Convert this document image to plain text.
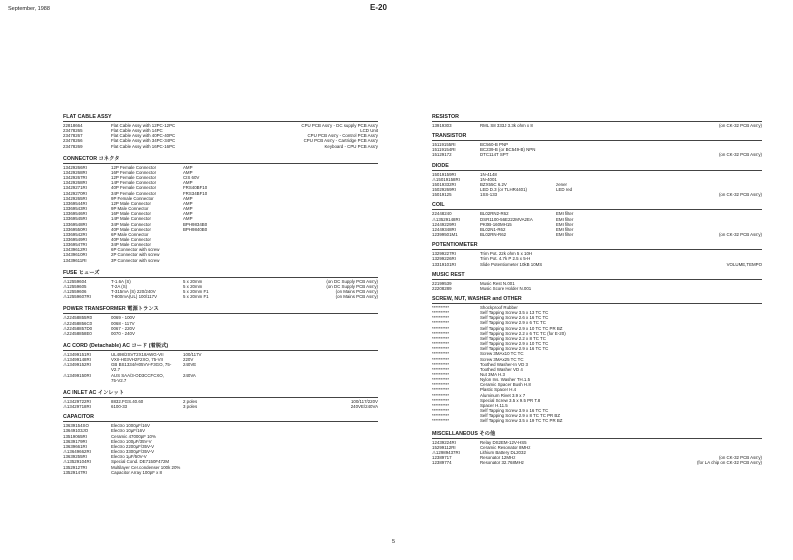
September, 1988	E-20
FLAT CABLE ASSY
22818664	Flat Cable Assy with 12PC-12PC	CPU PCB Ass'y - DC supply PCB Ass'y
23478265	Flat Cable Assy with 14PC	LCD Unit
23478267	Flat Cable Assy with 40PC-40PC	CPU PCB Ass'y - Control PCB Ass'y
23478266	Flat Cable Assy with 34PC-34PC	CPU PCB Ass'y - Cartridge PCB Ass'y
23478269	Flat Cable Assy with 16PC-16PC	Keyboard - CPU PCB Ass'y
CONNECTOR コネクタ
13429266RI	12P Female Connector	AMP
13429268RI	16P Female Connector	AMP
13429267RI	12P Female Connector	CIS 60V
13429268RI	14P Female Connector	AMP
13429271RI	40P Female Connector	FRS40BF10
13429270RI	34P Female Connector	FRS34BF10
13429265RI	9P Female Connector	AMP
13369544RI	12P Male Connector	AMP
13369543RI	9P Male Connector	AMP
13369546RI	16P Male Connector	AMP
13369545RI	14P Male Connector	AMP
13369548RI	34P Male Connector	BPH9834B0
13369550RI	40P Male Connector	BPH9840B0
13369542RI	6P Male Connector
13369549RI	40P Male Connector
13369547RI	34P Male Connector
13439612RI	6P Connector with screw
13439610RI	2P Connector with screw
13439611RI	3P Connector with screw
FUSE ヒューズ
⚠12559604	T-1.6A (S)	5 x 20mm	(on DC Supply PCB Ass'y)
⚠12559605	T-2A (S)	5 x 20mm	(on DC Supply PCB Ass'y)
⚠12559606	T-315mA (S) 220/240V	5 x 20mm F1	(on Mains PCB Ass'y)
⚠12559607RI	T-800mA(UL) 100/117V	5 x 20mm F1	(on Mains PCB Ass'y)
POWER TRANSFORMER 電源トランス
⚠22458855R0	0069 - 100V
⚠22458856C0	0068 - 117V
⚠22458857D0	0067 - 220V
⚠22458858E0	0070 - 240V
AC CORD (Detachable) AC コード (着脱式)
⚠13499151RI	UL498/2SVT2X18AWG-VII	100/117V
⚠13499148RI	VXII-H03VH2F2XO, 75-VII	220V
⚠13499152RI	GB BS1334/H05VV-F3GO, 75-	240VE
V2.7
⚠13499150RI	AUS SAA/3-OD3CCFCXO,	240VA
75-V2.7
AC INLET AC インレット
⚠13429722RI	8832.FGS.40.60	2 poles	100/117/220V
⚠13429718RI	6100-33	3 poles	240VE/240VA
CAPACITOR
13639154SO	Electro 1000μF/16V
13649103JO	Electro 10μF/16V
13519065RI	Ceramic 47000pF 10%
13639179RI	Electro 100μF/35V-V
13639661RI	Electro 2200μF/35V-V
⚠13649662RI	Electro 3300μF/35V-V
13639255RI	Electro 1μF/50V-V
⚠13529104RI	Special Cond. DE7150F472M
13529127RI	Multilayer Cer.condenser 100k 20%
13529147RI	Capacitor Array 100pF x 8
RESISTOR
13919303	RML S8 333J 3.3k ohm x 8	(on CK-32 PCB Ass'y)
TRANSISTOR
15119155RI	BC560-B PNP
15119154RI	BC239-B (or BC549-B) NPN
15129172	DTC114T SPT	(on CK-32 PCB Ass'y)
DIODE
15019159RI	1N-4148
⚠15019158RI	1N-4001
15019332RI	BZX55C 6.2V	zener
15029269RI	LED D.3 (or TLHR4401)	LED red
15019125	1SS-133	(on CK-32 PCB Ass'y)
COIL
22448240	BL02RN2-R62	EMI filter
⚠13529148RI	DSR1100-56E222MVA2EA	EMI filter
12449229RI	PK0B-160MH15	EMI filter
12449348RI	BL02N1-R62	EMI filter
12399501M1	BL02RN-R62	EMI filter	(on CK-32 PCB Ass'y)
POTENTIOMETER
13299227RI	Trim Pot. 22k ohm 5 x 10H
13299226RI	Trim Pot. 4.7k P 2.5 x 5-H
13319101RI	Slide Potentiometer 10kB 10MS	VOLUME,TEMPO
MUSIC REST
22199539	Music Rest N.001
22208289	Music Score Holder N.001
SCREW, NUT, WASHER and OTHER
**********	Shockproof Rubber
**********	Self Tapping Screw 3.5 x 13 TC TC
**********	Self Tapping Screw 2.6 x 16 TC TC
**********	Self Tapping Screw 2.9 x 6 TC TC
**********	Self Tapping Screw 2.9 x 10 TC TC PR BZ
**********	Self Tapping Screw 2.2 x 6 TC TC (for E-20)
**********	Self Tapping Screw 2.2 x 8 TC TC
**********	Self Tapping Screw 2.9 x 10 TC TC
**********	Self Tapping Screw 2.9 x 16 TC TC
**********	Screw 3MAx10 TC TC
**********	Screw 3MAx25 TC TC
**********	Toothed Washer-In VD 3
**********	Toothed Washer VD 4
**********	Nut 3MA H.3
**********	Nylon Ins. Washer TH.1.5
**********	Ceramic Spacer Bush H.8
**********	Plastic Spacer H.4
**********	Aluminum Rivet 3.9 x 7
**********	Special Screw 3.5 x 9.5 PR T.8
**********	Spacer H.11.5
**********	Self Tapping Screw 3.9 x 16 TC TC
**********	Self Tapping Screw 2.9 x 8 TC TC PR BZ
**********	Self Tapping Screw 3.5 x 19 TC TC PR BZ
MISCELLANEOUS その他
12439224RI	Relay DS2EM-12V-HS5
15299112RI	Ceramic Resonator 8MHz
⚠12989437RI	Lithium Battery DL2032
12389717	Resonator 12MHz	(on CK-32 PCB Ass'y)
12389774	Resonator 32.768MHz	(for LA chip on CK-32 PCB Ass'y)
5
